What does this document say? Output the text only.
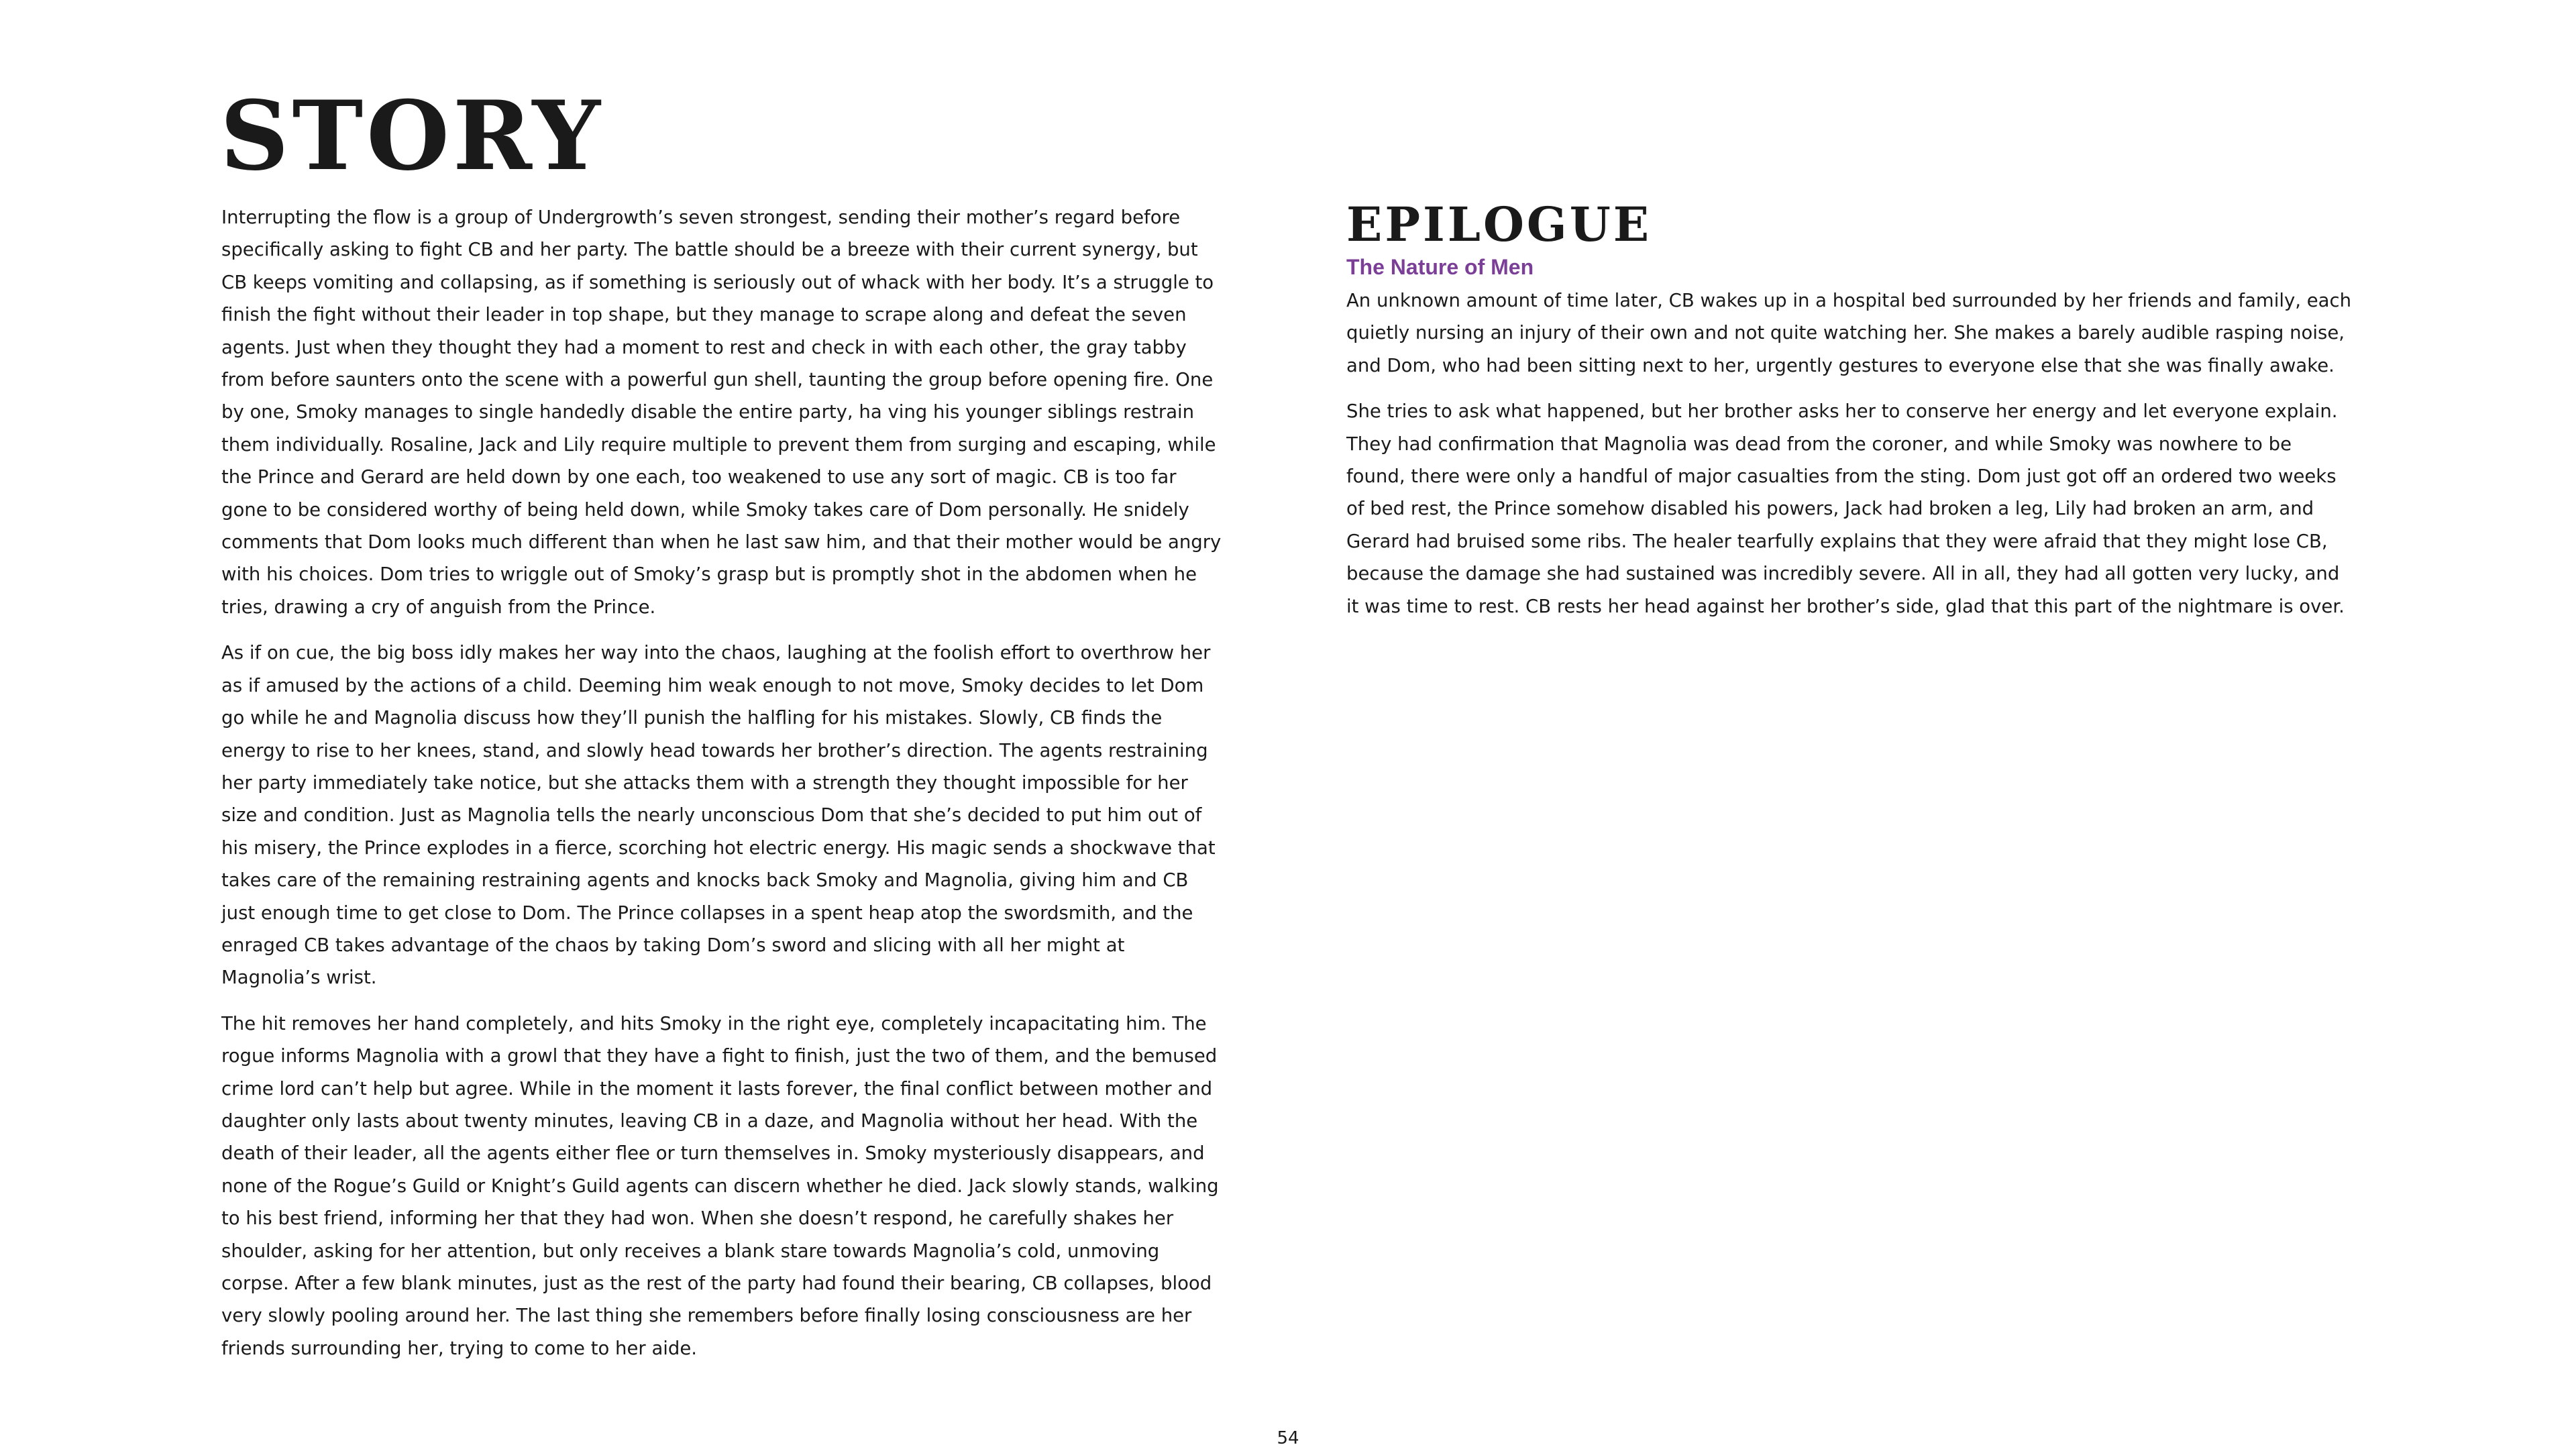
STORY

Interrupting the flow is a group of Undergrowth’s seven strongest, sending their mother’s regard before specifically asking to fight CB and her party. The battle should be a breeze with their current synergy, but CB keeps vomiting and collapsing, as if something is seriously out of whack with her body. It’s a struggle to finish the fight without their leader in top shape, but they manage to scrape along and defeat the seven agents. Just when they thought they had a moment to rest and check in with each other, the gray tabby from before saunters onto the scene with a powerful gun shell, taunting the group before opening fire. One by one, Smoky manages to single handedly disable the entire party, ha ving his younger siblings restrain them individually. Rosaline, Jack and Lily require multiple to prevent them from surging and escaping, while the Prince and Gerard are held down by one each, too weakened to use any sort of magic. CB is too far gone to be considered worthy of being held down, while Smoky takes care of Dom personally. He snidely comments that Dom looks much different than when he last saw him, and that their mother would be angry with his choices. Dom tries to wriggle out of Smoky’s grasp but is promptly shot in the abdomen when he tries, drawing a cry of anguish from the Prince.

As if on cue, the big boss idly makes her way into the chaos, laughing at the foolish effort to overthrow her as if amused by the actions of a child. Deeming him weak enough to not move, Smoky decides to let Dom go while he and Magnolia discuss how they’ll punish the halfling for his mistakes. Slowly, CB finds the energy to rise to her knees, stand, and slowly head towards her brother’s direction. The agents restraining her party immediately take notice, but she attacks them with a strength they thought impossible for her size and condition. Just as Magnolia tells the nearly unconscious Dom that she’s decided to put him out of his misery, the Prince explodes in a fierce, scorching hot electric energy. His magic sends a shockwave that takes care of the remaining restraining agents and knocks back Smoky and Magnolia, giving him and CB just enough time to get close to Dom. The Prince collapses in a spent heap atop the swordsmith, and the enraged CB takes advantage of the chaos by taking Dom’s sword and slicing with all her might at Magnolia’s wrist.

The hit removes her hand completely, and hits Smoky in the right eye, completely incapacitating him. The rogue informs Magnolia with a growl that they have a fight to finish, just the two of them, and the bemused crime lord can’t help but agree. While in the moment it lasts forever, the final conflict between mother and daughter only lasts about twenty minutes, leaving CB in a daze, and Magnolia without her head. With the death of their leader, all the agents either flee or turn themselves in. Smoky mysteriously disappears, and none of the Rogue’s Guild or Knight’s Guild agents can discern whether he died. Jack slowly stands, walking to his best friend, informing her that they had won. When she doesn’t respond, he carefully shakes her shoulder, asking for her attention, but only receives a blank stare towards Magnolia’s cold, unmoving corpse. After a few blank minutes, just as the rest of the party had found their bearing, CB collapses, blood very slowly pooling around her. The last thing she remembers before finally losing consciousness are her friends surrounding her, trying to come to her aide.

EPILOGUE
The Nature of Men

An unknown amount of time later, CB wakes up in a hospital bed surrounded by her friends and family, each quietly nursing an injury of their own and not quite watching her. She makes a barely audible rasping noise, and Dom, who had been sitting next to her, urgently gestures to everyone else that she was finally awake.

She tries to ask what happened, but her brother asks her to conserve her energy and let everyone explain. They had confirmation that Magnolia was dead from the coroner, and while Smoky was nowhere to be found, there were only a handful of major casualties from the sting. Dom just got off an ordered two weeks of bed rest, the Prince somehow disabled his powers, Jack had broken a leg, Lily had broken an arm, and Gerard had bruised some ribs. The healer tearfully explains that they were afraid that they might lose CB, because the damage she had sustained was incredibly severe. All in all, they had all gotten very lucky, and it was time to rest. CB rests her head against her brother’s side, glad that this part of the nightmare is over.

54
